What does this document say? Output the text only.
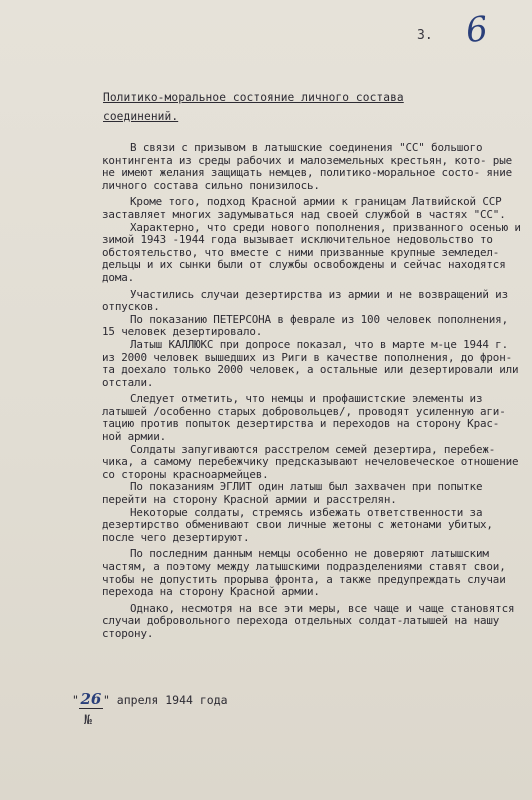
3. 6
Политико-моральное состояние личного состава соединений.

В связи с призывом в латышские соединения "СС" большого контингента из среды рабочих и малоземельных крестьян, кото- рые не имеют желания защищать немцев, политико-моральное состо- яние личного состава сильно понизилось.

Кроме того, подход Красной армии к границам Латвийской ССР заставляет многих задумываться над своей службой в частях "СС".

Характерно, что среди нового пополнения, призванного осенью и зимой 1943 -1944 года вызывает исключительное недовольство то обстоятельство, что вместе с ними призванные крупные земледел- дельцы и их сынки были от службы освобождены и сейчас находятся дома.

Участились случаи дезертирства из армии и не возвращений из отпусков.

По показанию ПЕТЕРСОНА в феврале из 100 человек пополнения, 15 человек дезертировало.

Латыш КАЛЛЮКС при допросе показал, что в марте м-це 1944 г. из 2000 человек вышедших из Риги в качестве пополнения, до фрон- та доехало только 2000 человек, а остальные или дезертировали или отстали.

Следует отметить, что немцы и профашистские элементы из латышей /особенно старых добровольцев/, проводят усиленную аги- тацию против попыток дезертирства и переходов на сторону Крас- ной армии.

Солдаты запугиваются расстрелом семей дезертира, перебеж- чика, а самому перебежчику предсказывают нечеловеческое отношение со стороны красноармейцев.

По показаниям ЭГЛИТ один латыш был захвачен при попытке перейти на сторону Красной армии и расстрелян.

Некоторые солдаты, стремясь избежать ответственности за дезертирство обменивают свои личные жетоны с жетонами убитых, после чего дезертируют.

По последним данным немцы особенно не доверяют латышским частям, а поэтому между латышскими подразделениями ставят свои, чтобы не допустить прорыва фронта, а также предупреждать случаи перехода на сторону Красной армии.

Однако, несмотря на все эти меры, все чаще и чаще становятся случаи добровольного перехода отдельных солдат-латышей на нашу сторону.

" 26 " апреля 1944 года
№
